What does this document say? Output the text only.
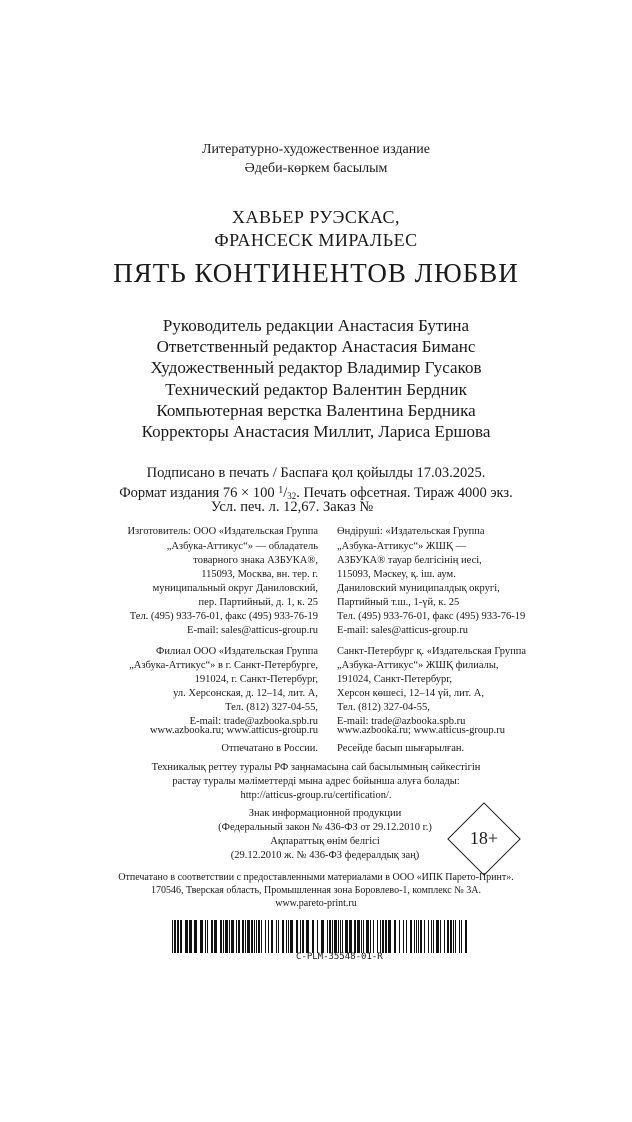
Литературно-художественное издание
Әдеби-көркем басылым
ХАВЬЕР РУЭСКАС,
ФРАНСЕСК МИРАЛЬЕС
ПЯТЬ КОНТИНЕНТОВ ЛЮБВИ
Руководитель редакции Анастасия Бутина
Ответственный редактор Анастасия Биманс
Художественный редактор Владимир Гусаков
Технический редактор Валентин Бердник
Компьютерная верстка Валентина Бердника
Корректоры Анастасия Миллит, Лариса Ершова
Подписано в печать / Баспаға қол қойылды 17.03.2025.
Формат издания 76 × 100 $^1/_{32}$. Печать офсетная. Тираж 4000 экз.
Усл. печ. л. 12,67. Заказ №
Изготовитель: ООО «Издательская Группа
„Азбука-Аттикус“» — обладатель
товарного знака АЗБУКА®,
115093, Москва, вн. тер. г.
муниципальный округ Даниловский,
пер. Партийный, д. 1, к. 25
Тел. (495) 933-76-01, факс (495) 933-76-19
E-mail: sales@atticus-group.ru
Филиал ООО «Издательская Группа
„Азбука-Аттикус“» в г. Санкт-Петербурге,
191024, г. Санкт-Петербург,
ул. Херсонская, д. 12–14, лит. А,
Тел. (812) 327-04-55,
E-mail: trade@azbooka.spb.ru
www.azbooka.ru; www.atticus-group.ru
Отпечатано в России.
Өндіруші: «Издательская Группа
„Азбука-Аттикус“» ЖШҚ —
АЗБУКА® тауар белгісінің иесі,
115093, Мәскеу, қ. іш. аум.
Даниловский муниципалдық округі,
Партийный т.ш., 1-үй, к. 25
Тел. (495) 933-76-01, факс (495) 933-76-19
E-mail: sales@atticus-group.ru
Санкт-Петербург қ. «Издательская Группа
„Азбука-Аттикус“» ЖШҚ филиалы,
191024, Санкт-Петербург,
Херсон көшесі, 12–14 үй, лит. А,
Тел. (812) 327-04-55,
E-mail: trade@azbooka.spb.ru
www.azbooka.ru; www.atticus-group.ru
Ресейде басып шығарылған.
Техникалық реттеу туралы РФ заңнамасына сай басылымның сәйкестігін
растау туралы мәліметтерді мына адрес бойынша алуға болады:
http://atticus-group.ru/certification/.
Знак информационной продукции
(Федеральный закон № 436-ФЗ от 29.12.2010 г.)
Ақпараттық өнім белгісі
(29.12.2010 ж. № 436-ФЗ федералдық заң)
18+
Отпечатано в соответствии с предоставленными материалами в ООО «ИПК Парето-Принт».
170546, Тверская область, Промышленная зона Боровлево-1, комплекс № 3А.
www.pareto-print.ru
C-PLM-35548-01-R
